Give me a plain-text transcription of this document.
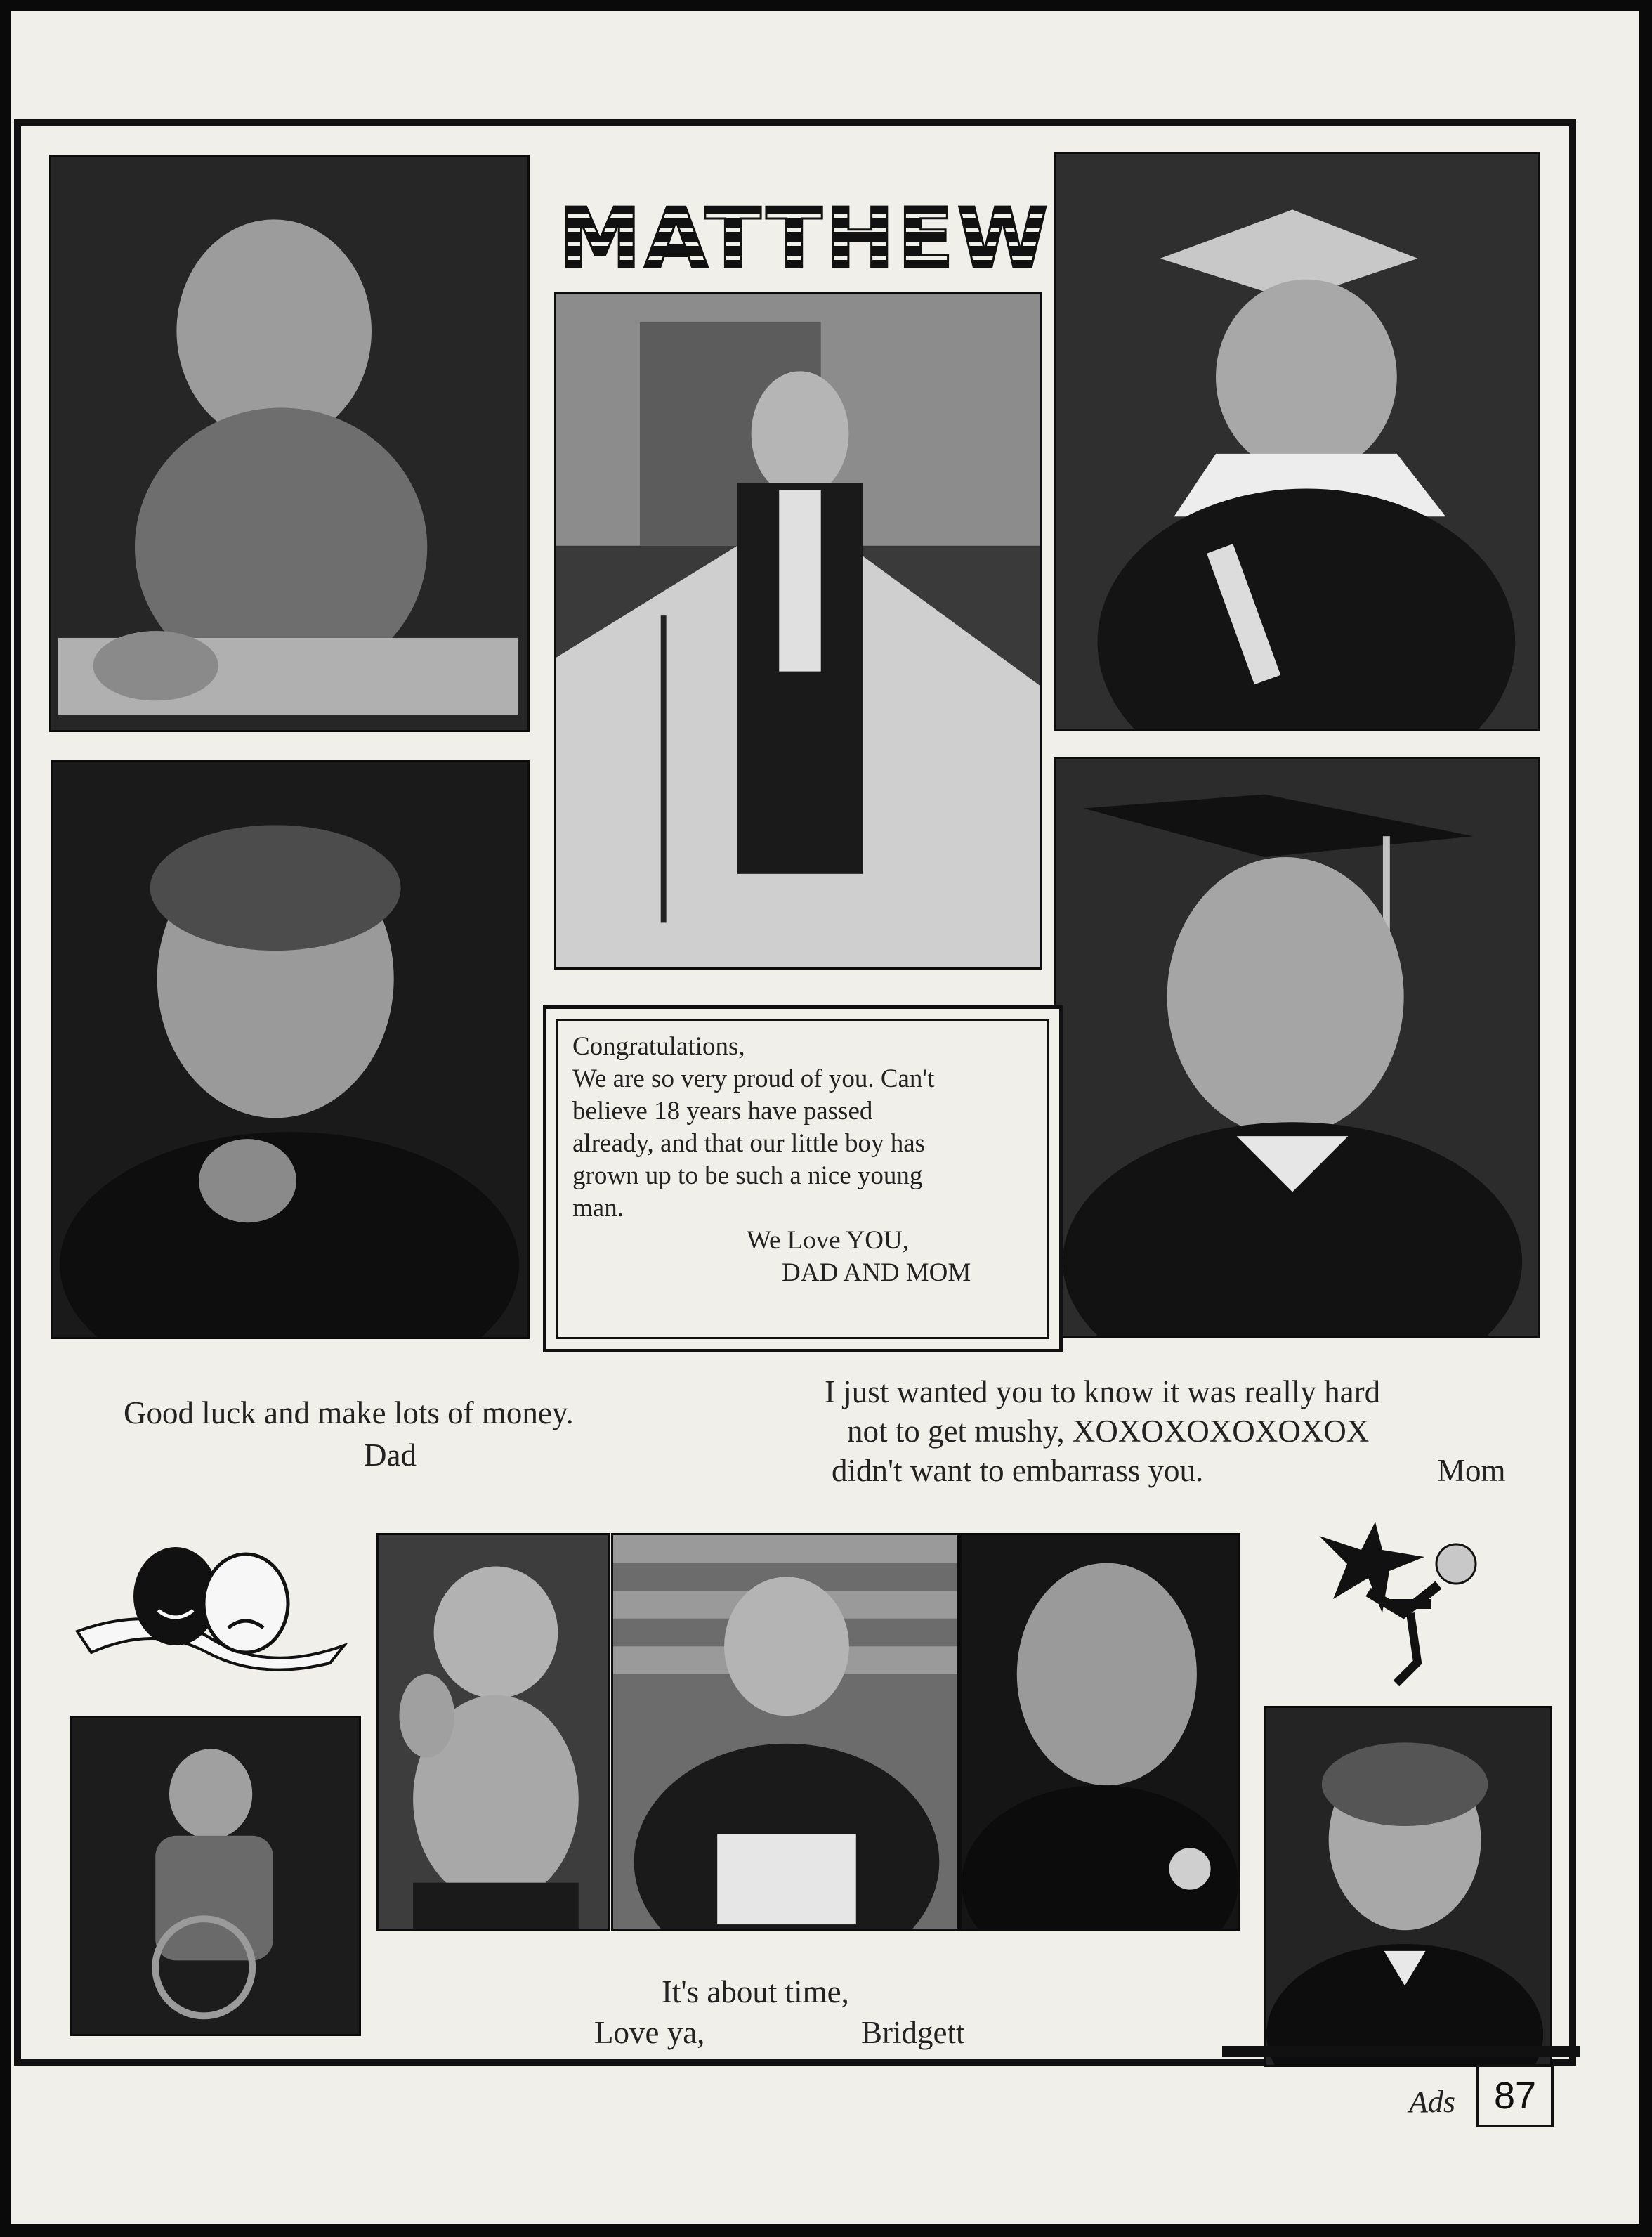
MATTHEW
Congratulations,
We are so very proud of you. Can't
believe 18 years have passed
already, and that our little boy has
grown up to be such a nice young
man.
We Love YOU,
DAD AND MOM
Good luck and make lots of money.
Dad
I just wanted you to know it was really hard
not to get mushy, XOXOXOXOXOXOX
didn't want to embarrass you.	Mom
It's about time,
Love ya,	Bridgett
Ads	87
